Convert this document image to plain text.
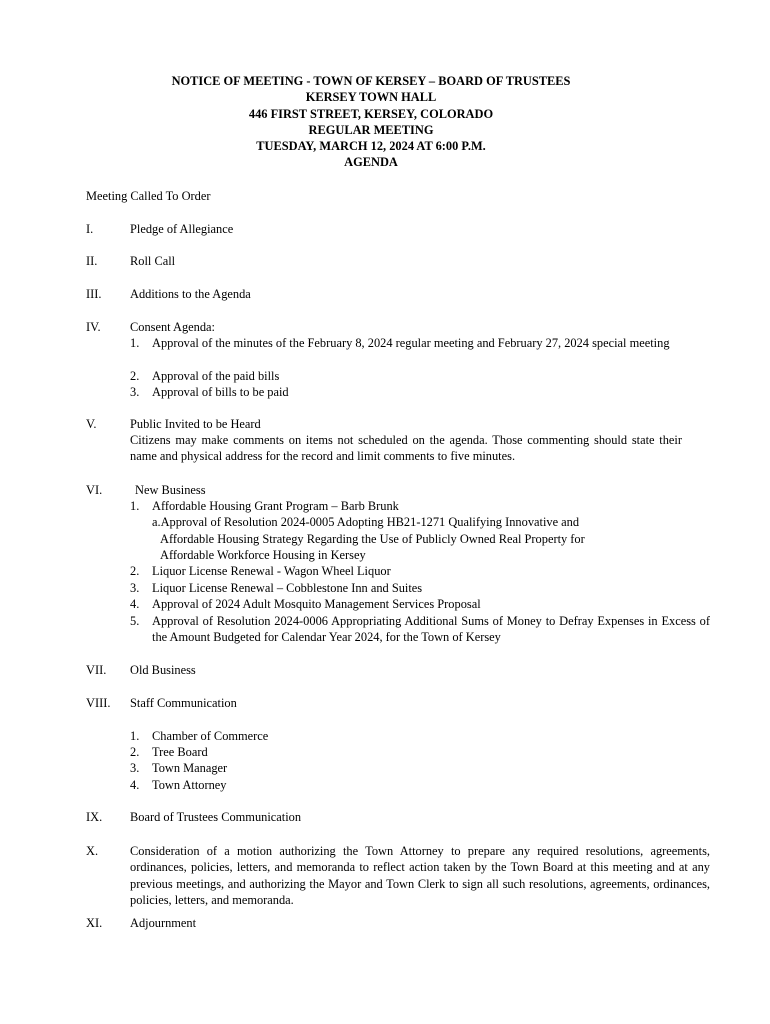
NOTICE OF MEETING - TOWN OF KERSEY – BOARD OF TRUSTEES
KERSEY TOWN HALL
446 FIRST STREET, KERSEY, COLORADO
REGULAR MEETING
TUESDAY, MARCH 12, 2024 AT 6:00 P.M.
AGENDA
Meeting Called To Order
I.	Pledge of Allegiance
II.	Roll Call
III. Additions to the Agenda
IV. Consent Agenda:
1. Approval of the minutes of the February 8, 2024 regular meeting and February 27, 2024 special meeting
2. Approval of the paid bills
3. Approval of bills to be paid
V.	Public Invited to be Heard
Citizens may make comments on items not scheduled on the agenda. Those commenting should state their name and physical address for the record and limit comments to five minutes.
VI.	New Business
1. Affordable Housing Grant Program – Barb Brunk
a.Approval of Resolution 2024-0005 Adopting HB21-1271 Qualifying Innovative and
Affordable Housing Strategy Regarding the Use of Publicly Owned Real Property for
Affordable Workforce Housing in Kersey
2. Liquor License Renewal - Wagon Wheel Liquor
3. Liquor License Renewal – Cobblestone Inn and Suites
4. Approval of 2024 Adult Mosquito Management Services Proposal
5. Approval of Resolution 2024-0006 Appropriating Additional Sums of Money to Defray Expenses in Excess of the Amount Budgeted for Calendar Year 2024, for the Town of Kersey
VII. Old Business
VIII. Staff Communication
1. Chamber of Commerce
2. Tree Board
3. Town Manager
4. Town Attorney
IX. Board of Trustees Communication
X.	Consideration of a motion authorizing the Town Attorney to prepare any required resolutions, agreements, ordinances, policies, letters, and memoranda to reflect action taken by the Town Board at this meeting and at any previous meetings, and authorizing the Mayor and Town Clerk to sign all such resolutions, agreements, ordinances, policies, letters, and memoranda.
XI. Adjournment
